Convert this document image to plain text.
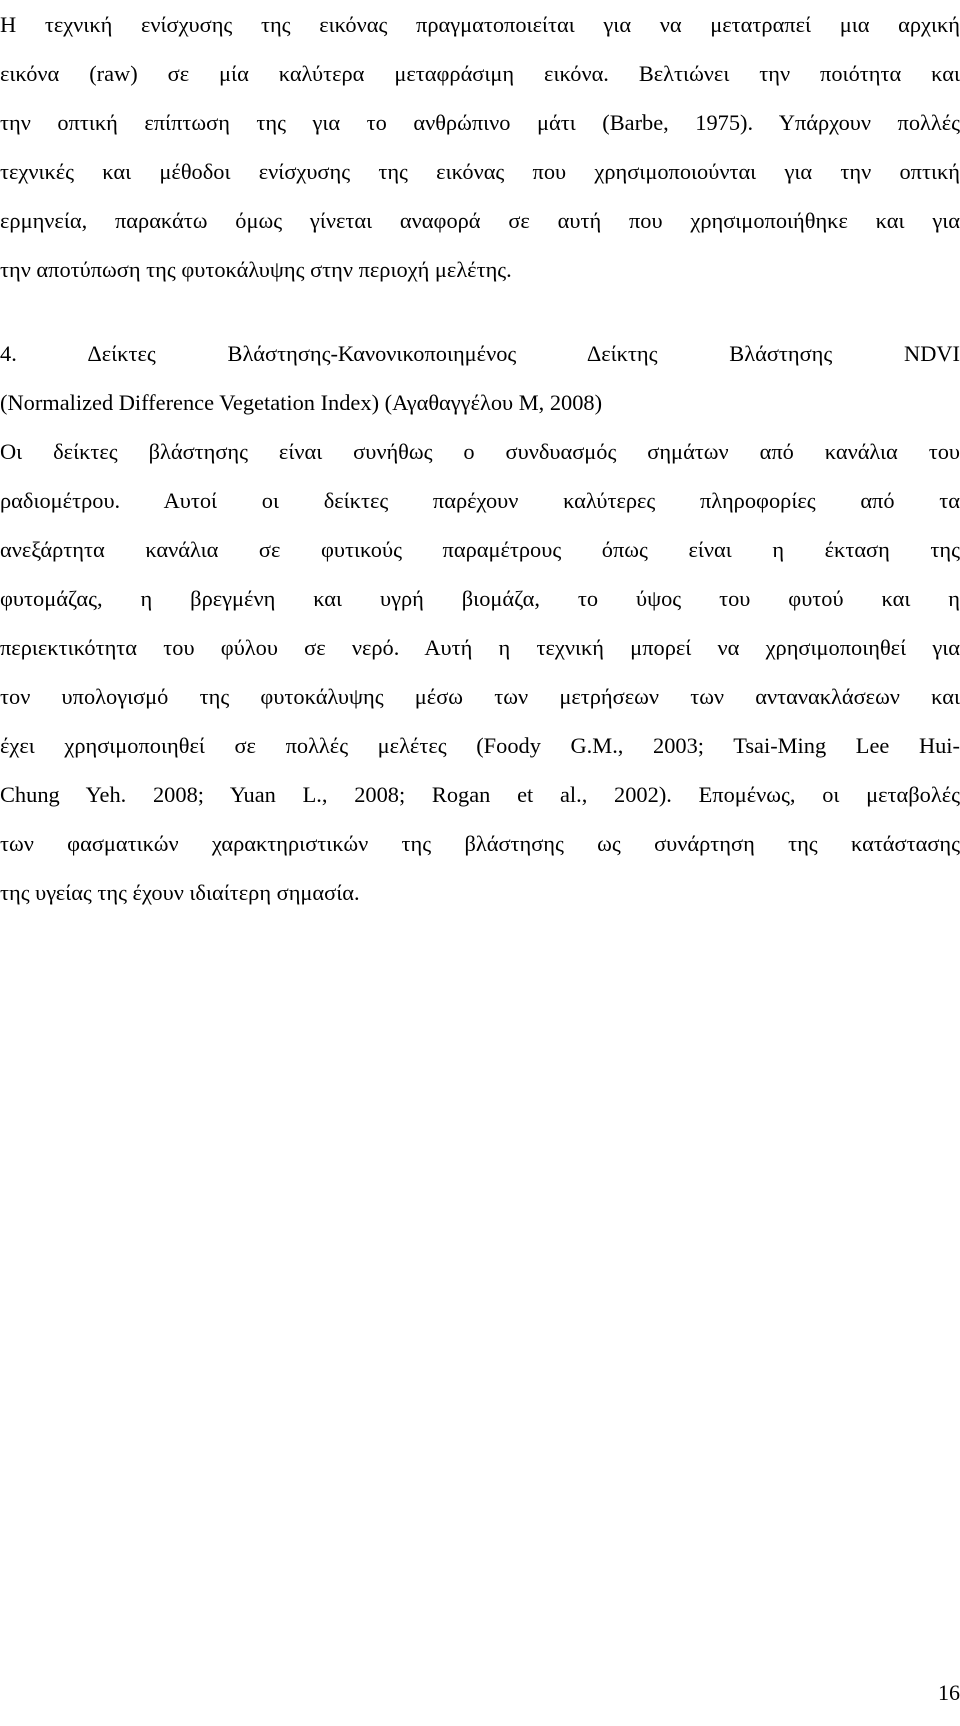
Η τεχνική ενίσχυσης της εικόνας πραγματοποιείται για να μετατραπεί μια αρχική
εικόνα (raw) σε μία καλύτερα μεταφράσιμη εικόνα. Βελτιώνει την ποιότητα και
την οπτική επίπτωση της για το ανθρώπινο μάτι (Barbe, 1975). Υπάρχουν πολλές
τεχνικές και μέθοδοι ενίσχυσης της εικόνας που χρησιμοποιούνται για την οπτική
ερμηνεία, παρακάτω όμως γίνεται αναφορά σε αυτή που χρησιμοποιήθηκε και για
την αποτύπωση της φυτοκάλυψης στην περιοχή μελέτης.
4. Δείκτες Βλάστησης-Κανονικοποιημένος Δείκτης Βλάστησης NDVI
(Normalized Difference Vegetation Index) (Αγαθαγγέλου Μ, 2008)
Οι δείκτες βλάστησης είναι συνήθως ο συνδυασμός σημάτων από κανάλια του
ραδιομέτρου. Αυτοί οι δείκτες παρέχουν καλύτερες πληροφορίες από τα
ανεξάρτητα κανάλια σε φυτικούς παραμέτρους όπως είναι η έκταση της
φυτομάζας, η βρεγμένη και υγρή βιομάζα, το ύψος του φυτού και η
περιεκτικότητα του φύλου σε νερό. Αυτή η τεχνική μπορεί να χρησιμοποιηθεί για
τον υπολογισμό της φυτοκάλυψης μέσω των μετρήσεων των αντανακλάσεων και
έχει χρησιμοποιηθεί σε πολλές μελέτες (Foody G.M., 2003; Tsai-Ming Lee Hui-
Chung Yeh. 2008; Yuan L., 2008; Rogan et al., 2002). Επομένως, οι μεταβολές
των φασματικών χαρακτηριστικών της βλάστησης ως συνάρτηση της κατάστασης
της υγείας της έχουν ιδιαίτερη σημασία.
16
